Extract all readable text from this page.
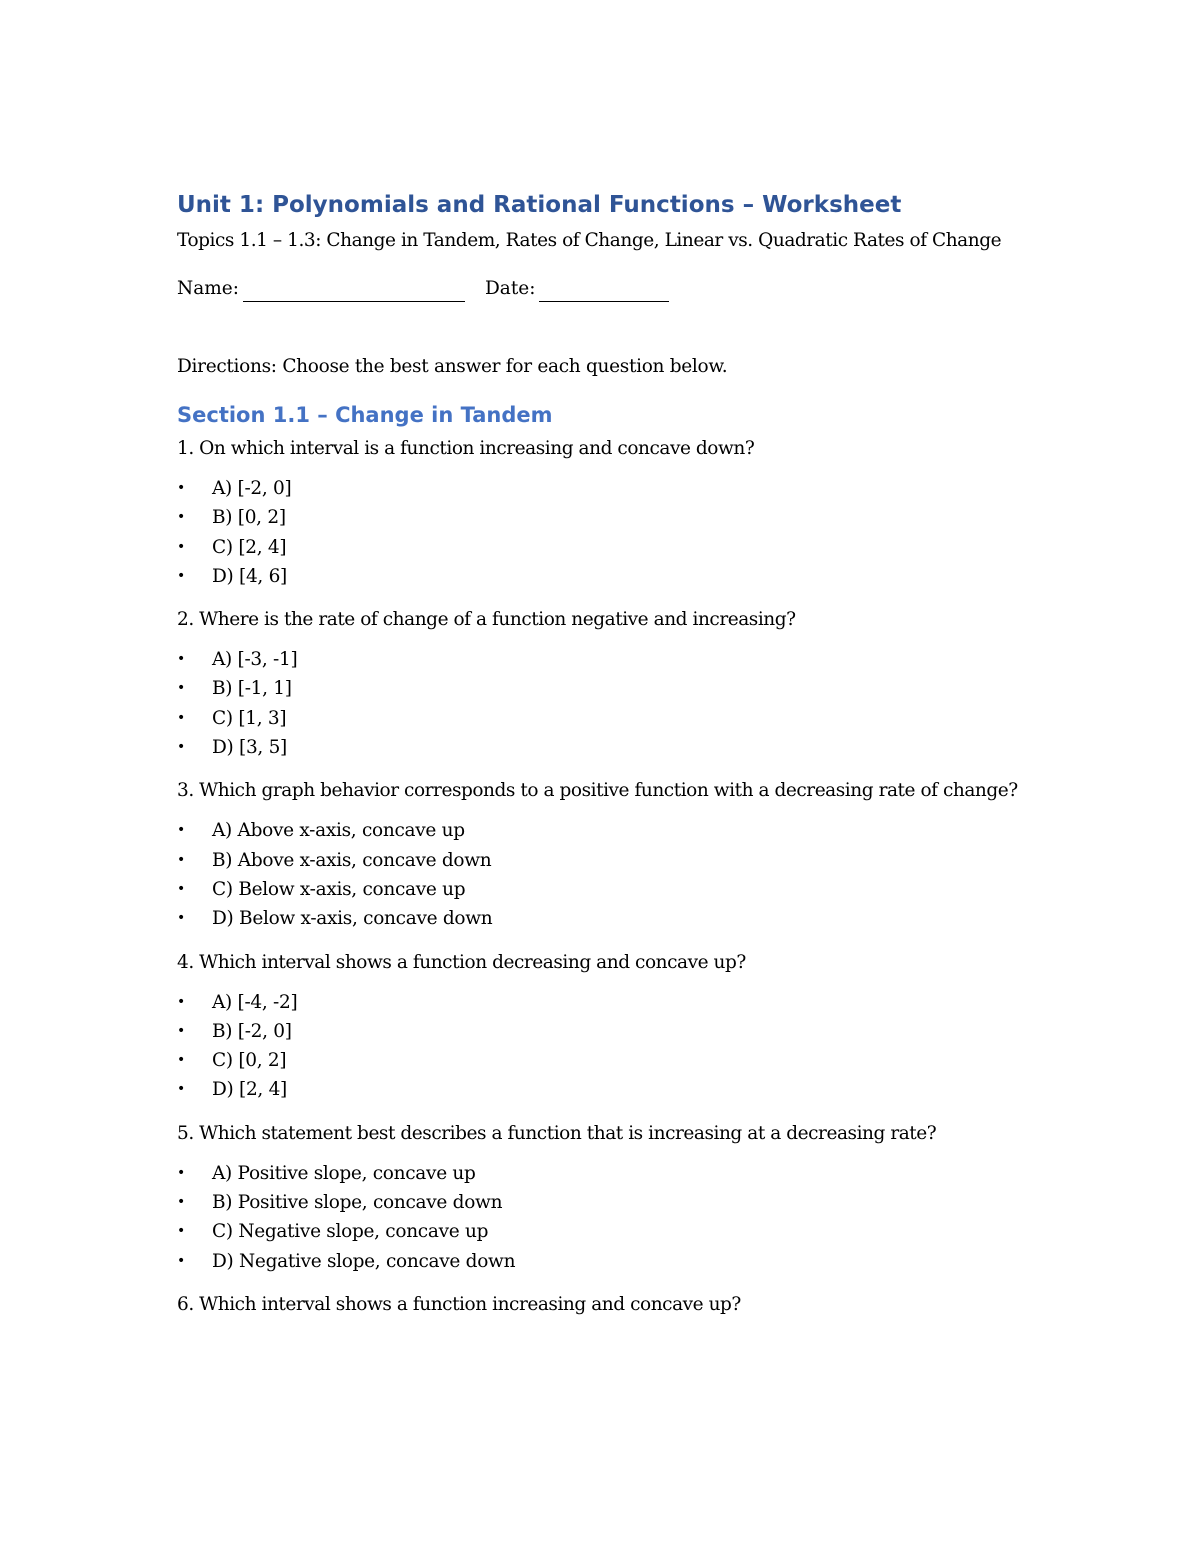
Unit 1: Polynomials and Rational Functions – Worksheet

Topics 1.1 – 1.3: Change in Tandem, Rates of Change, Linear vs. Quadratic Rates of Change

Name:	Date:
Directions: Choose the best answer for each question below.
Section 1.1 – Change in Tandem
1. On which interval is a function increasing and concave down?
• A) [-2, 0]
• B) [0, 2]
• C) [2, 4]
• D) [4, 6]
2. Where is the rate of change of a function negative and increasing?
• A) [-3, -1]
• B) [-1, 1]
• C) [1, 3]
• D) [3, 5]
3. Which graph behavior corresponds to a positive function with a decreasing rate of change?
• A) Above x-axis, concave up
• B) Above x-axis, concave down
• C) Below x-axis, concave up
• D) Below x-axis, concave down
4. Which interval shows a function decreasing and concave up?
• A) [-4, -2]
• B) [-2, 0]
• C) [0, 2]
• D) [2, 4]
5. Which statement best describes a function that is increasing at a decreasing rate?
• A) Positive slope, concave up
• B) Positive slope, concave down
• C) Negative slope, concave up
• D) Negative slope, concave down
6. Which interval shows a function increasing and concave up?
